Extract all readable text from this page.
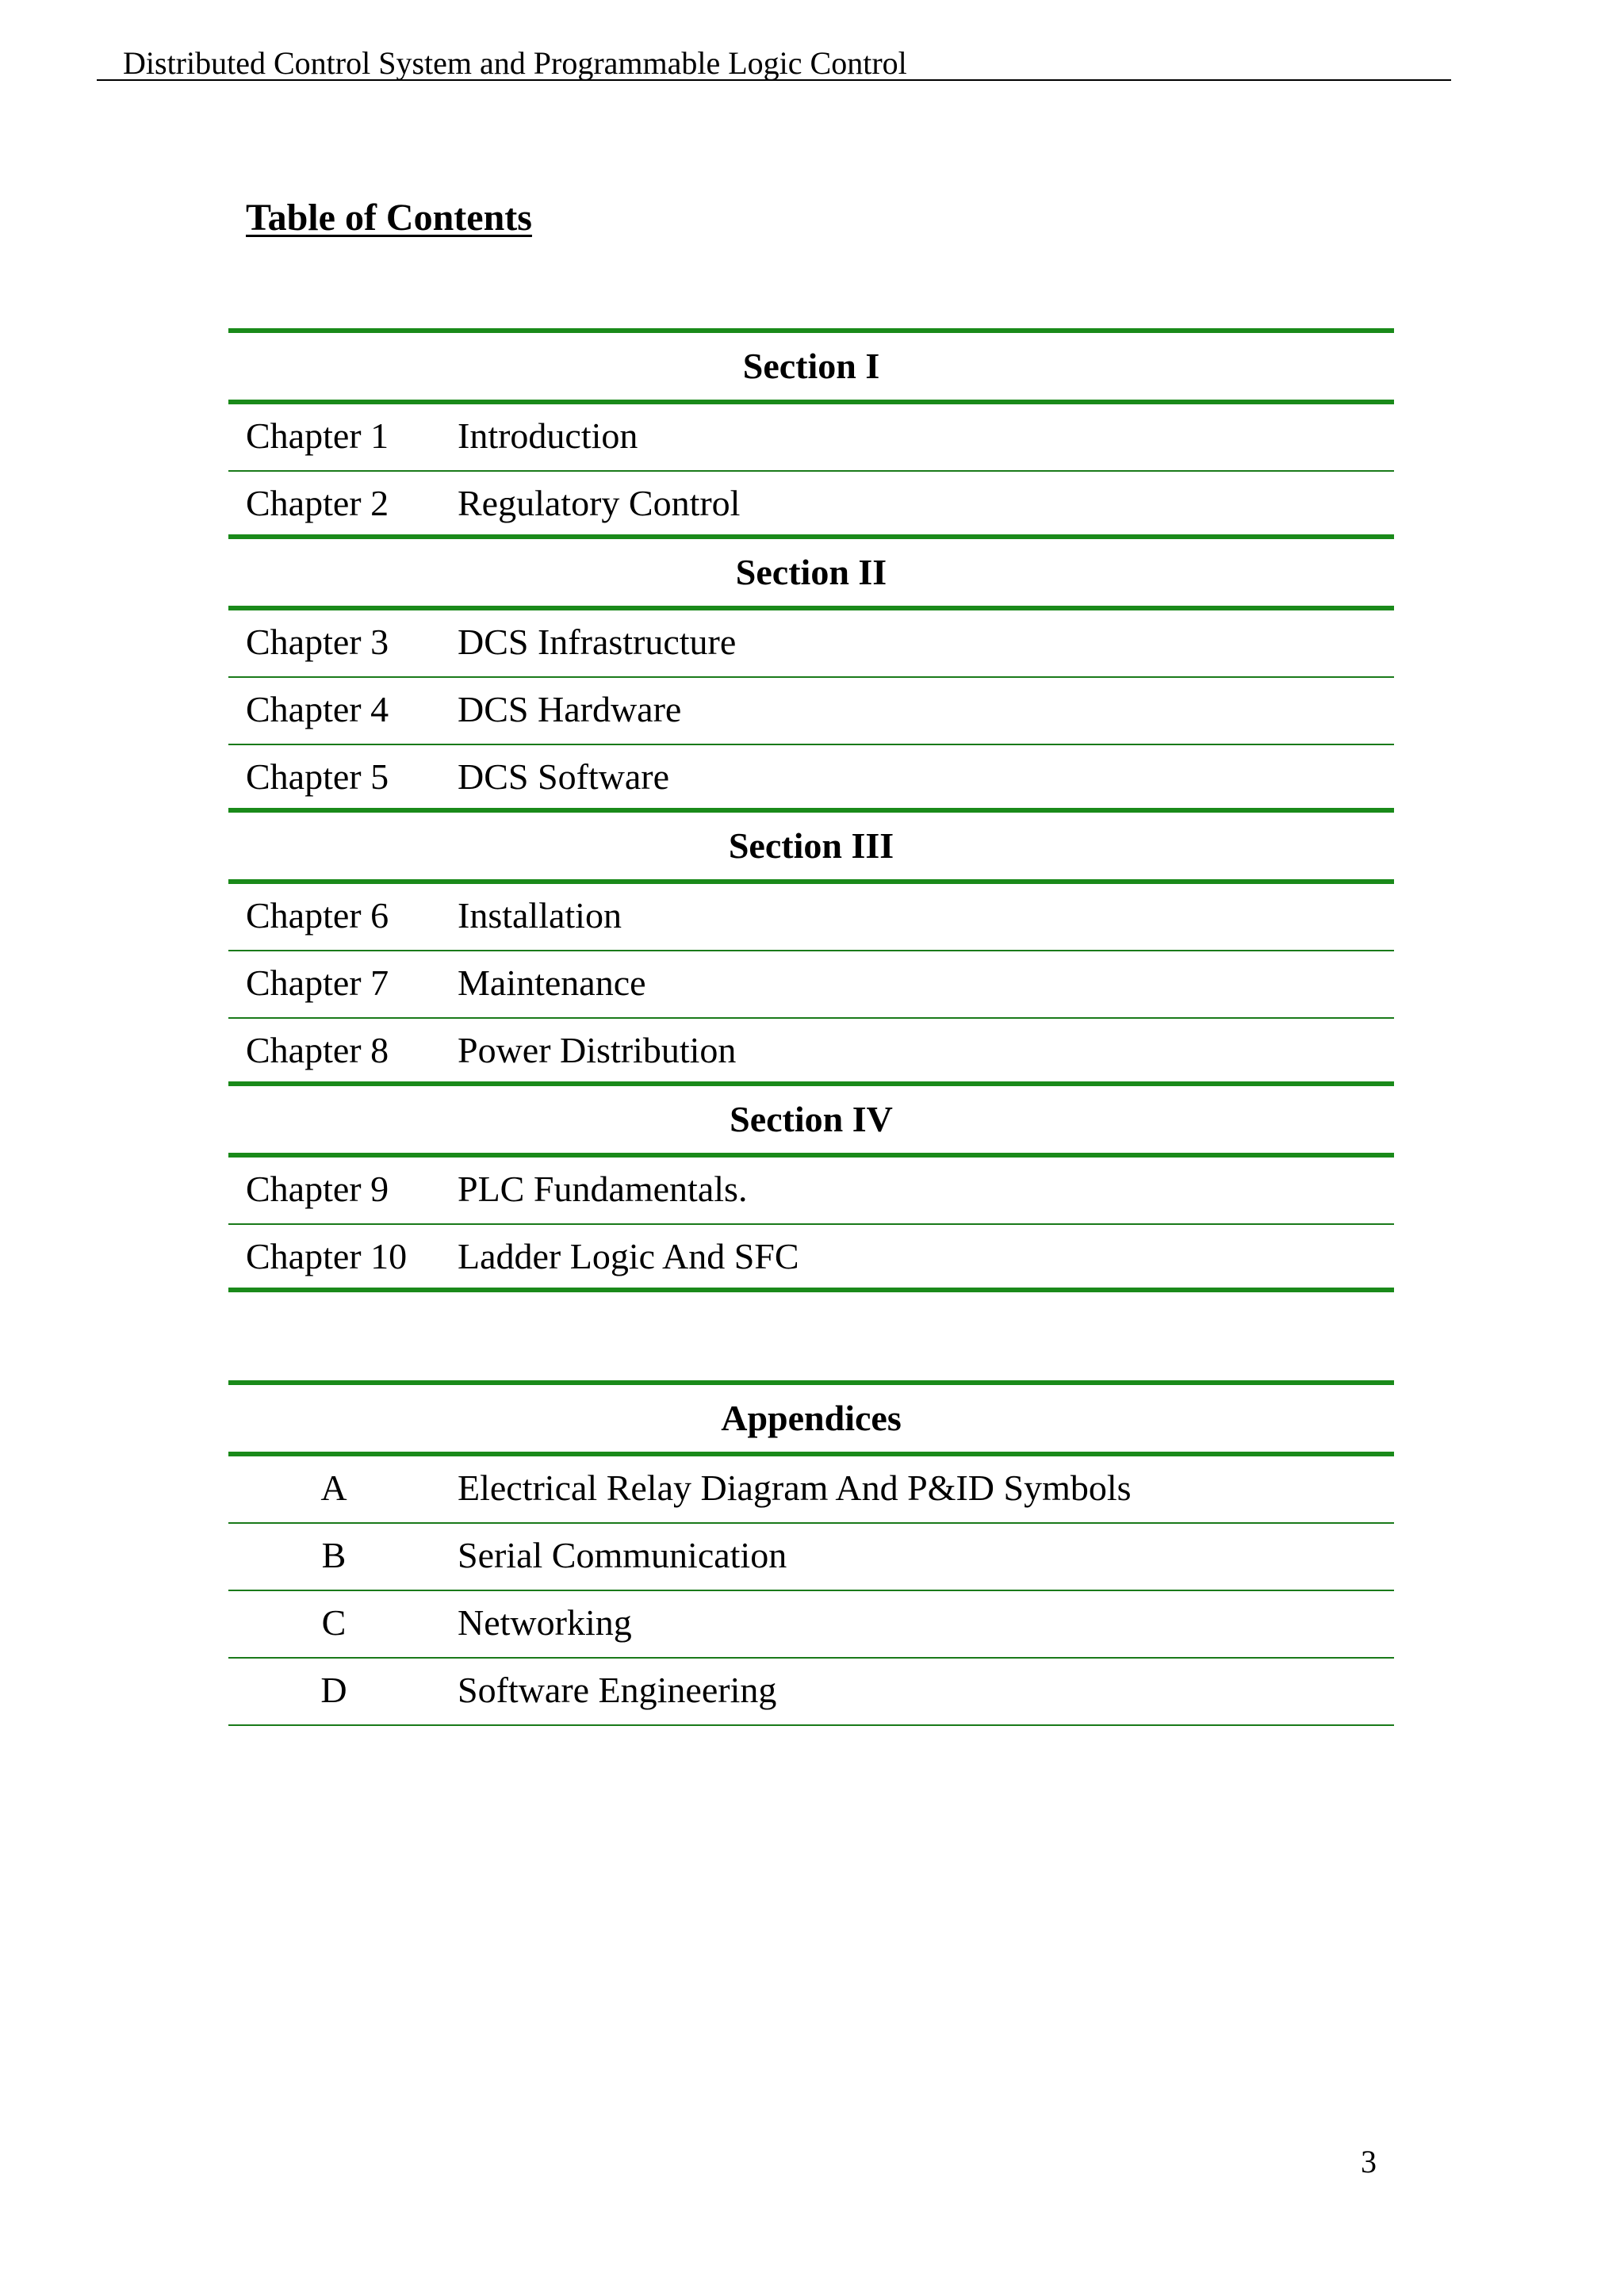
Distributed Control System and Programmable Logic Control
Table of Contents
Section I
Chapter 1 Introduction
Chapter 2 Regulatory Control
Section II
Chapter 3 DCS Infrastructure
Chapter 4 DCS Hardware
Chapter 5 DCS Software
Section III
Chapter 6 Installation
Chapter 7 Maintenance
Chapter 8 Power Distribution
Section IV
Chapter 9 PLC Fundamentals.
Chapter 10 Ladder Logic And SFC
Appendices
A	Electrical Relay Diagram And P&ID Symbols
B	Serial Communication
C	Networking
D	Software Engineering
3
